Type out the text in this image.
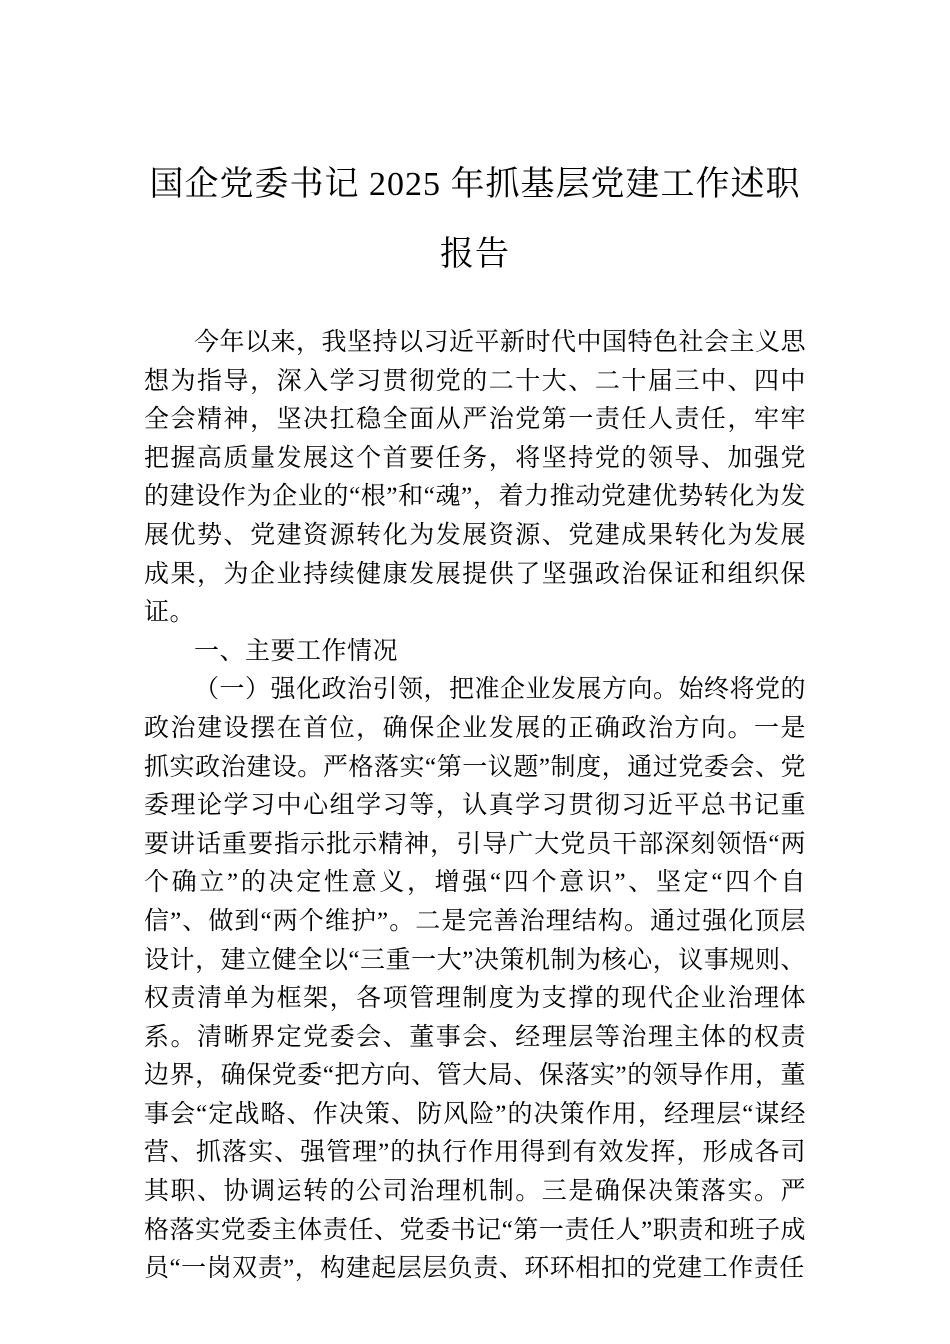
国企党委书记 2025 年抓基层党建工作述职
报告

今年以来，我坚持以习近平新时代中国特色社会主义思想为指导，深入学习贯彻党的二十大、二十届三中、四中全会精神，坚决扛稳全面从严治党第一责任人责任，牢牢把握高质量发展这个首要任务，将坚持党的领导、加强党的建设作为企业的“根”和“魂”，着力推动党建优势转化为发展优势、党建资源转化为发展资源、党建成果转化为发展成果，为企业持续健康发展提供了坚强政治保证和组织保证。

一、主要工作情况

（一）强化政治引领，把准企业发展方向。始终将党的政治建设摆在首位，确保企业发展的正确政治方向。一是抓实政治建设。严格落实“第一议题”制度，通过党委会、党委理论学习中心组学习等，认真学习贯彻习近平总书记重要讲话重要指示批示精神，引导广大党员干部深刻领悟“两个确立”的决定性意义，增强“四个意识”、坚定“四个自信”、做到“两个维护”。二是完善治理结构。通过强化顶层设计，建立健全以“三重一大”决策机制为核心，议事规则、权责清单为框架，各项管理制度为支撑的现代企业治理体系。清晰界定党委会、董事会、经理层等治理主体的权责边界，确保党委“把方向、管大局、保落实”的领导作用，董事会“定战略、作决策、防风险”的决策作用，经理层“谋经营、抓落实、强管理”的执行作用得到有效发挥，形成各司其职、协调运转的公司治理机制。三是确保决策落实。严格落实党委主体责任、党委书记“第一责任人”职责和班子成员“一岗双责”，构建起层层负责、环环相扣的党建工作责任
